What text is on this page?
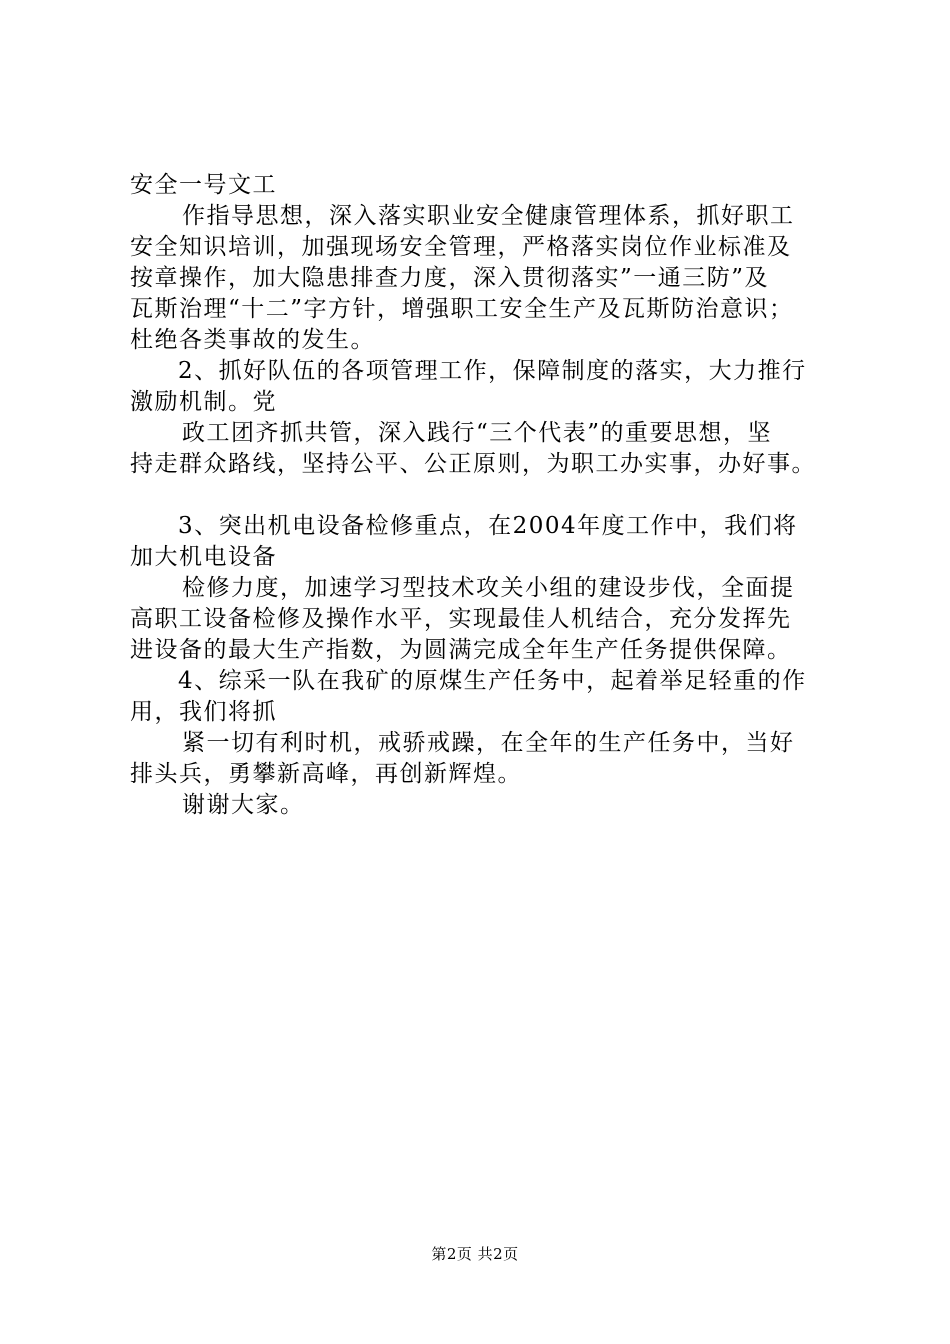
安全一号文工
作指导思想，深入落实职业安全健康管理体系，抓好职工
安全知识培训，加强现场安全管理，严格落实岗位作业标准及
按章操作，加大隐患排查力度，深入贯彻落实”一通三防”及
瓦斯治理“十二”字方针，增强职工安全生产及瓦斯防治意识；
杜绝各类事故的发生。
2、抓好队伍的各项管理工作，保障制度的落实，大力推行
激励机制。党
政工团齐抓共管，深入践行“三个代表”的重要思想，坚
持走群众路线，坚持公平、公正原则，为职工办实事，办好事。
3、突出机电设备检修重点，在2004年度工作中，我们将
加大机电设备
检修力度，加速学习型技术攻关小组的建设步伐，全面提
高职工设备检修及操作水平，实现最佳人机结合，充分发挥先
进设备的最大生产指数，为圆满完成全年生产任务提供保障。
4、综采一队在我矿的原煤生产任务中，起着举足轻重的作
用，我们将抓
紧一切有利时机，戒骄戒躁，在全年的生产任务中，当好
排头兵，勇攀新高峰，再创新辉煌。
谢谢大家。
第2页 共2页
